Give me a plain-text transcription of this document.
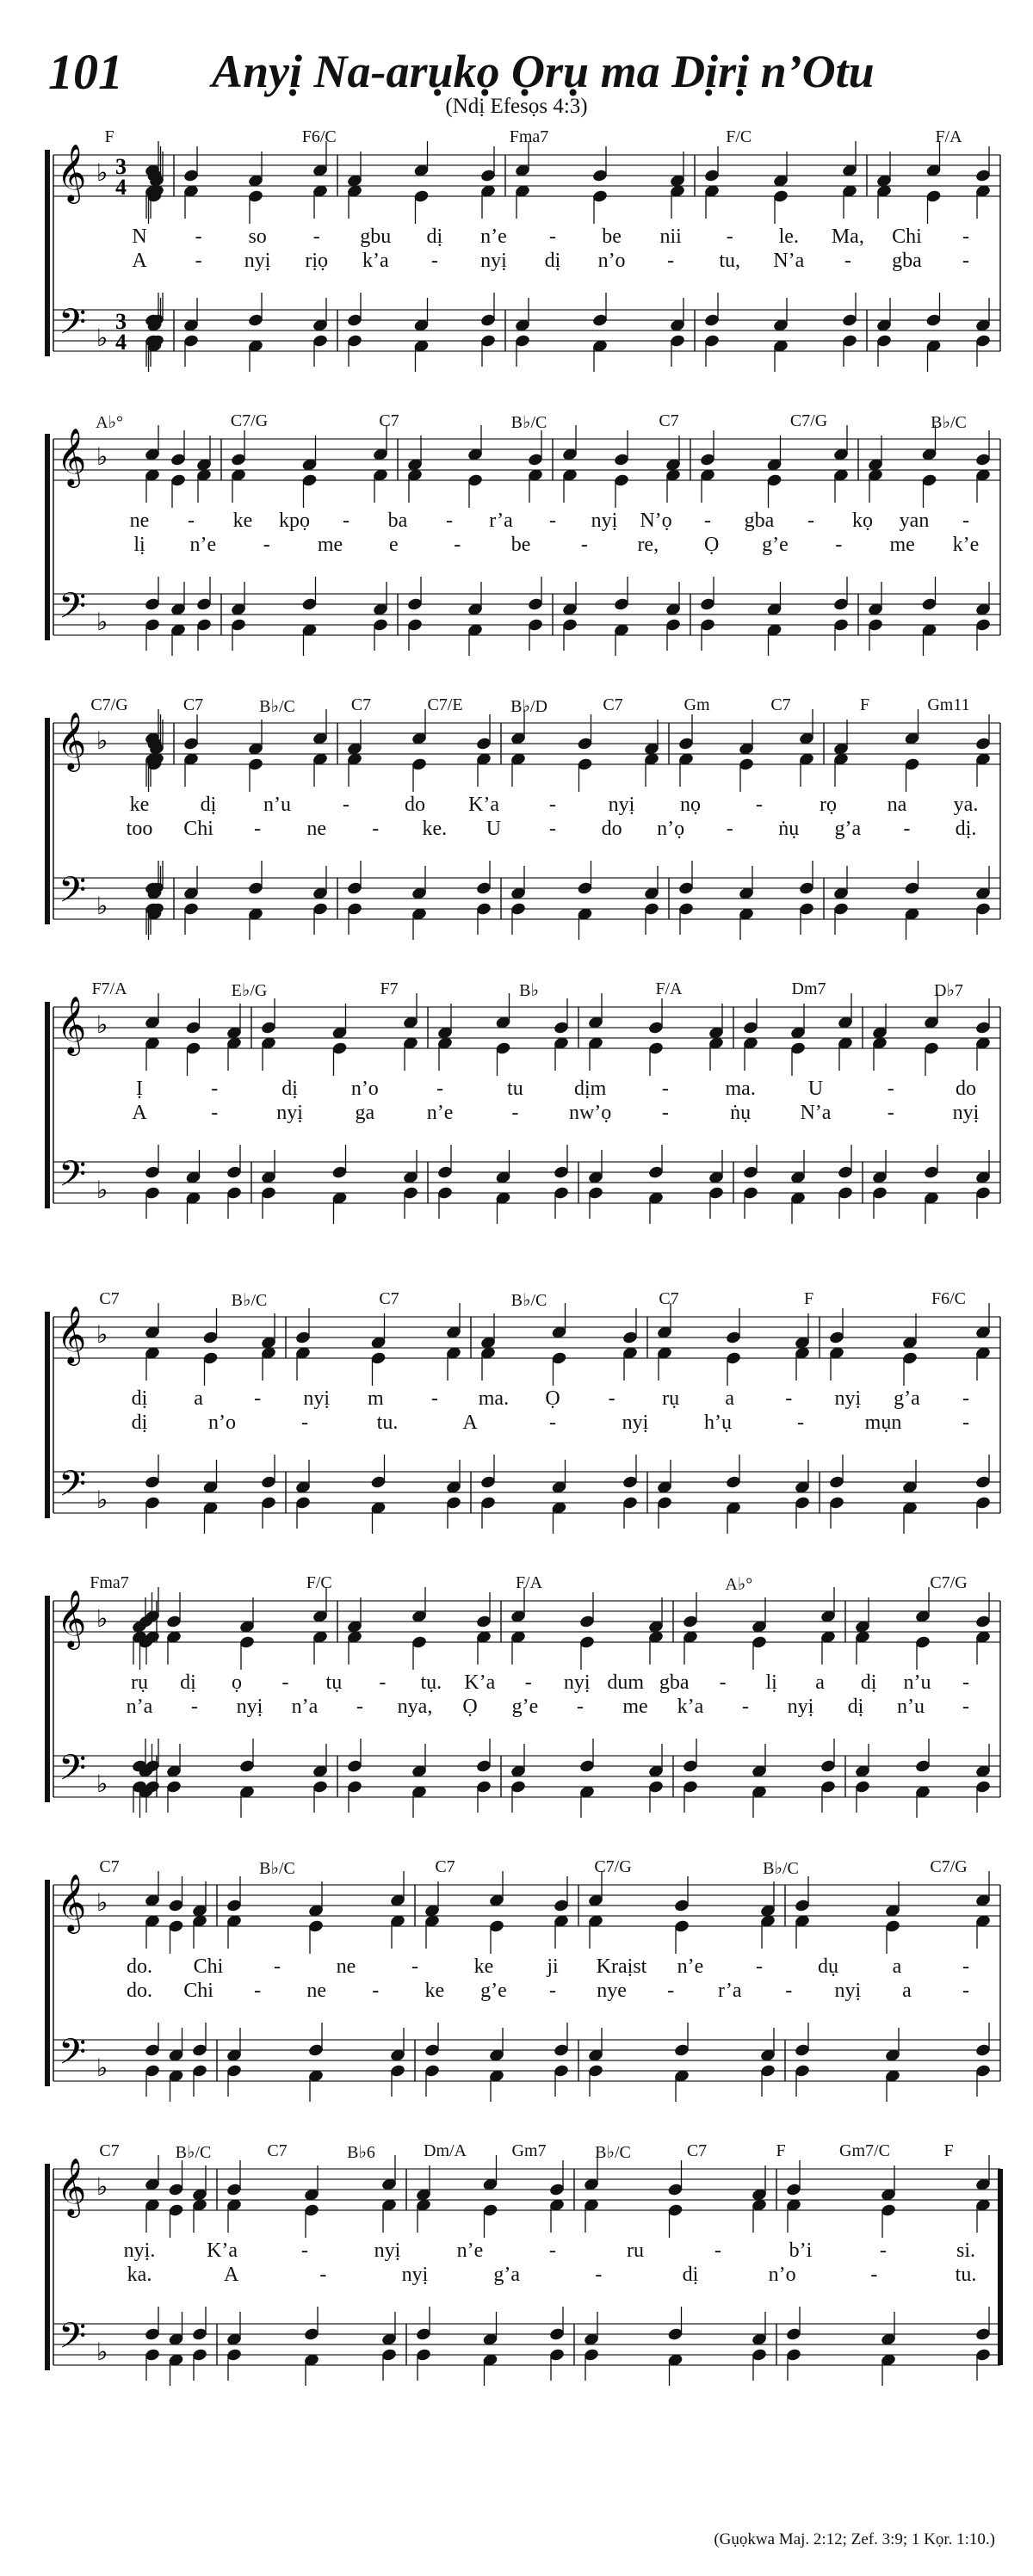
101 Anyị Na-arụkọ Ọrụ ma Dịrị n’Otu
(Ndị Efesọs 4:3)
𝄞
𝄢
♭
♭
3
4
3
4
F	F6/C	Fma7	F/C	F/A
N - so - gbu dị n’e - be nii - le. Ma, Chi -
A - nyị rịọ k’a - nyị dị n’o - tu, N’a - gba -
𝄞
𝄢
♭
♭
A♭°	C7/G	C7	B♭/C	C7	C7/G	B♭/C
ne - ke kpọ - ba - r’a - nyị N’ọ - gba - kọ yan -
lị n’e - me e	- be - re, Ọ g’e - me k’e
𝄞
𝄢
♭
♭
C7/G	C7	B♭/C	C7	C7/E	B♭/D	C7	Gm	C7	F	Gm11
ke dị n’u	-	do K’a -	nyị nọ	-	rọ na ya.
too Chi - ne - ke. U - do n’ọ - ṅụ g’a - dị.
𝄞
𝄢
♭
♭
F7/A	E♭/G	F7	B♭	F/A	Dm7	D♭7
Ị	-	dị	n’o	-	tu dịm	-	ma.	U	-	do
A	-	nyị	ga	n’e	- nw’ọ -	ṅụ N’a	-	nyị
𝄞
𝄢
♭
♭
C7	B♭/C	C7	B♭/C	C7	F	F6/C
dị a - nyị m - ma. Ọ - rụ a - nyị g’a -
dị	n’o	-	tu.	A	-	nyị	h’ụ	-	mụn	-
𝄞
𝄢
♭
♭
Fma7	F/C	F/A	A♭°	C7/G
rụ dị ọ - tụ - tụ. K’a - nyị dum gba - lị a dị n’u -
n’a - nyị n’a - nya, Ọ g’e - me k’a - nyị dị n’u -
𝄞
𝄢
♭
♭
C7	B♭/C	C7	C7/G	B♭/C	C7/G
do. Chi -	ne	-	ke	ji Kraịst n’e	-	dụ	a	-
do. Chi - ne - ke g’e - nye - r’a - nyị a -
𝄞
𝄢
♭
♭
C7	B♭/C	C7	B♭6	Dm/A	Gm7	B♭/C	C7	F	Gm7/C	F
nyị. K’a	-	nyị	n’e	-	ru	-	b’i	-	si.
ka.	A	-	nyị	g’a	-	dị	n’o	-	tu.
(Gụọkwa Maj. 2:12; Zef. 3:9; 1 Kọr. 1:10.)
